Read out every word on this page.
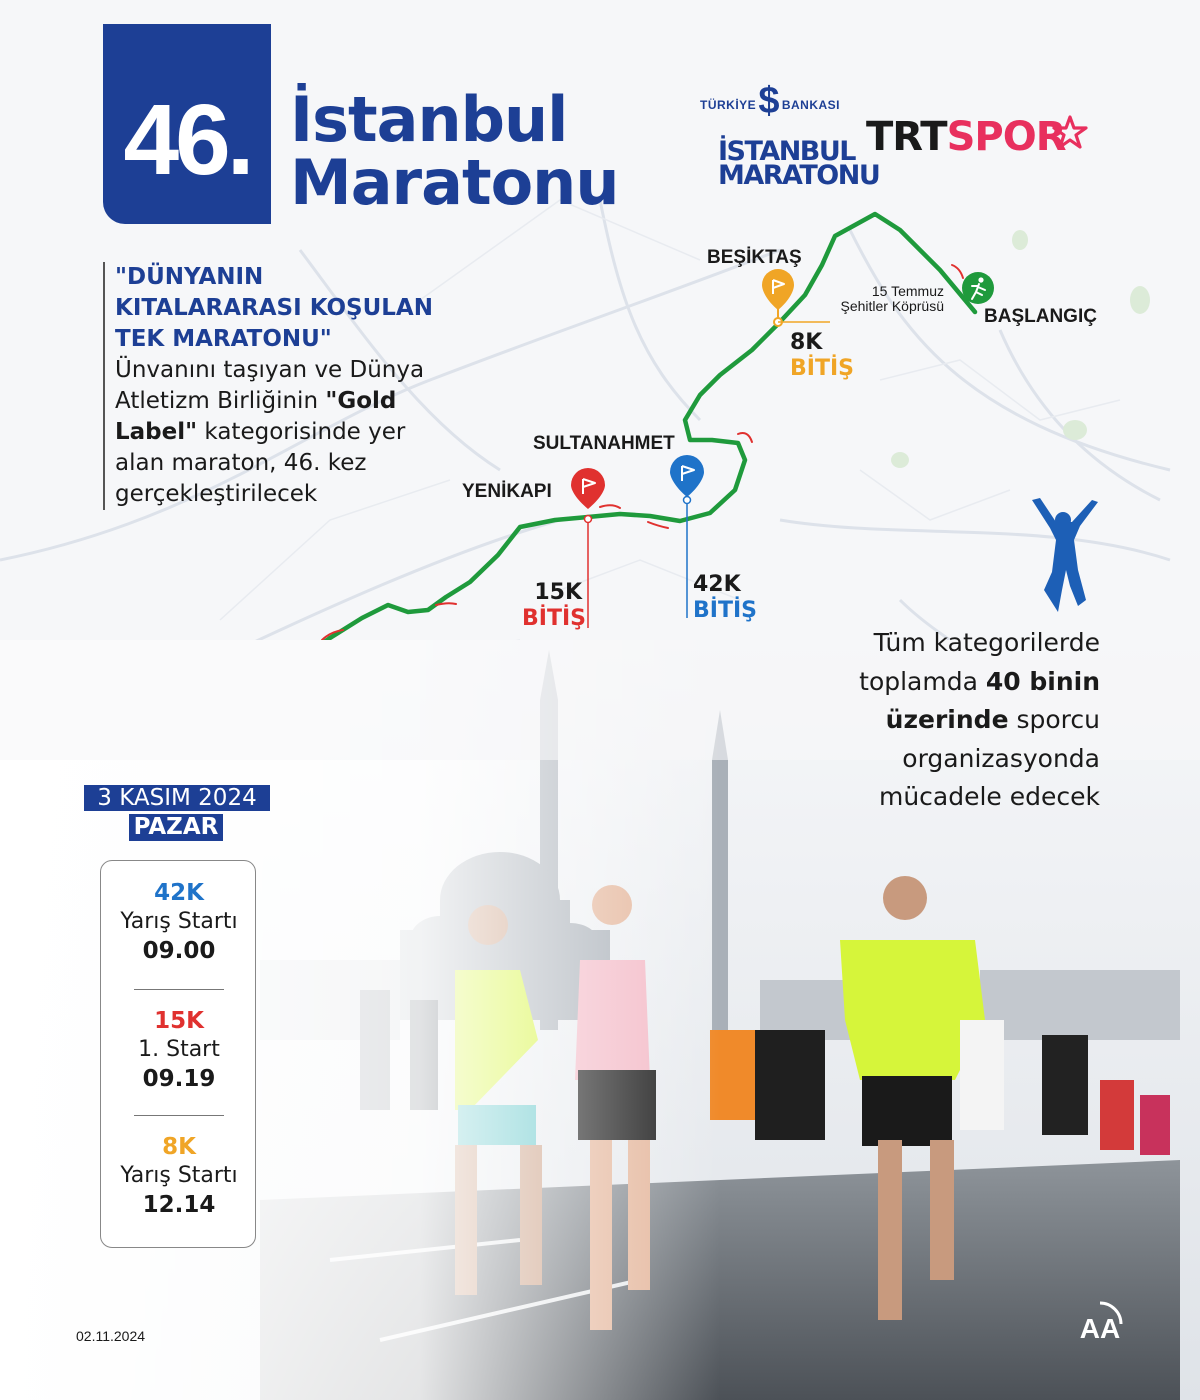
46. İstanbul
Maratonu
$
TÜRKİYE BANKASI
İSTANBUL
MARATONU
TRTSPOR
"DÜNYANIN
KITALARARASI KOŞULAN
TEK MARATONU"
Ünvanını taşıyan ve Dünya
Atletizm Birliğinin "Gold
Label" kategorisinde yer
alan maraton, 46. kez
gerçekleştirilecek
BAŞLANGIÇ
15 Temmuz
Şehitler Köprüsü
BEŞİKTAŞ
SULTANAHMET
YENİKAPI
8K
BİTİŞ
15K
BİTİŞ
42K
BİTİŞ
Tüm kategorilerde
toplamda 40 binin
üzerinde sporcu
organizasyonda
mücadele edecek
3 KASIM 2024
PAZAR
42K
Yarış Startı
09.00
15K
1. Start
09.19
8K
Yarış Startı
12.14
02.11.2024	AA
